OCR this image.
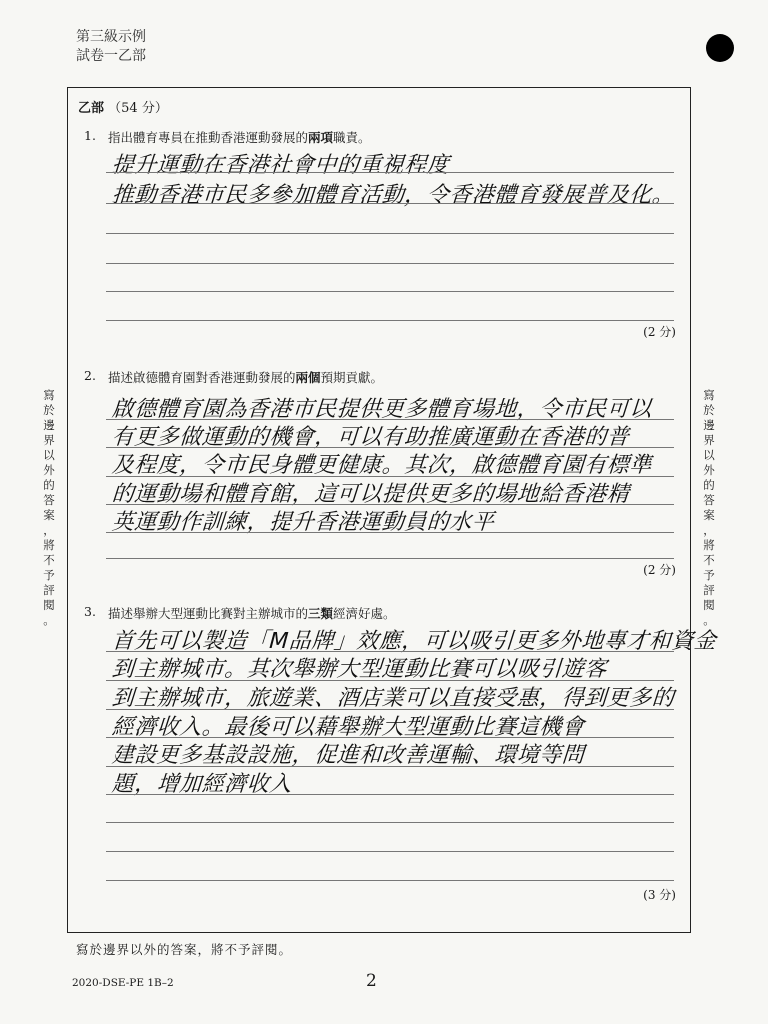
第三級示例
試卷一乙部
乙部 （54 分）
1. 指出體育專員在推動香港運動發展的兩項職責。
提升運動在香港社會中的重視程度
推動香港市民多參加體育活動，令香港體育發展普及化。
(2 分)
2. 描述啟德體育園對香港運動發展的兩個預期貢獻。
啟德體育園為香港市民提供更多體育場地，令市民可以
有更多做運動的機會，可以有助推廣運動在香港的普
及程度，令市民身體更健康。其次，啟德體育園有標準
的運動場和體育館，這可以提供更多的場地給香港精
英運動作訓練，提升香港運動員的水平
(2 分)
3. 描述舉辦大型運動比賽對主辦城市的三類經濟好處。
首先可以製造「M品牌」效應，可以吸引更多外地專才和資金
到主辦城市。其次舉辦大型運動比賽可以吸引遊客
到主辦城市，旅遊業、酒店業可以直接受惠，得到更多的
經濟收入。最後可以藉舉辦大型運動比賽這機會
建設更多基設設施，促進和改善運輸、環境等問
題，增加經濟收入
(3 分)
寫
於
邊
界
以
外
的
答
案
，
將
不
予
評
閱
。
寫
於
邊
界
以
外
的
答
案
，
將
不
予
評
閱
。
寫於邊界以外的答案，將不予評閱。
2020-DSE-PE 1B–2	2
